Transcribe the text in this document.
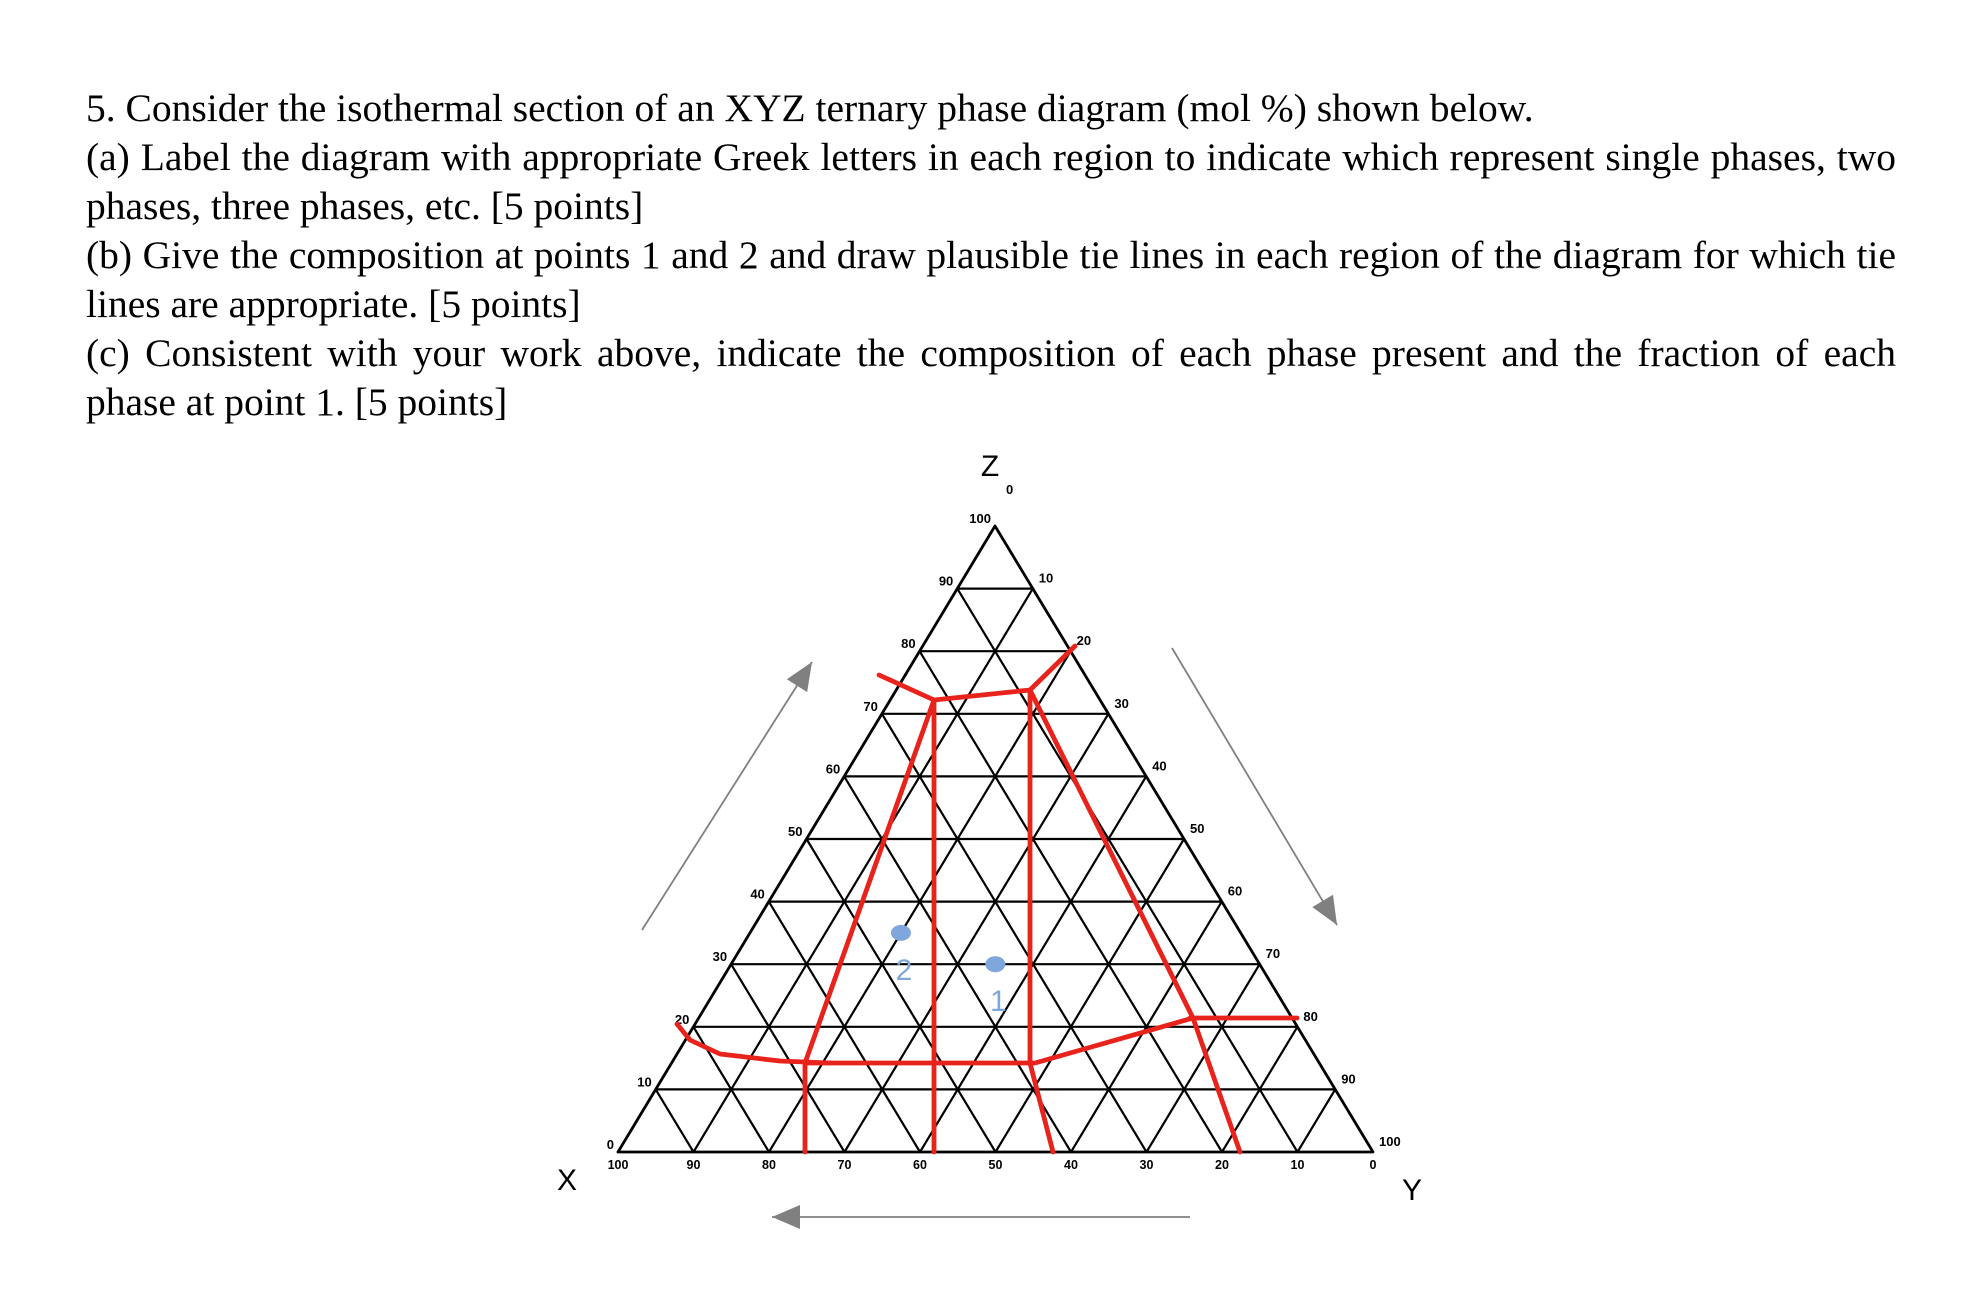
5. Consider the isothermal section of an XYZ ternary phase diagram (mol %) shown below.

(a) Label the diagram with appropriate Greek letters in each region to indicate which represent single phases, two phases, three phases, etc. [5 points]

(b) Give the composition at points 1 and 2 and draw plausible tie lines in each region of the diagram for which tie lines are appropriate. [5 points]

(c) Consistent with your work above, indicate the composition of each phase present and the fraction of each phase at point 1. [5 points]

0
10
20
30
40
50
60
70
80
90
100
10
20
30
40
50
60
70
80
90
100
100	90	80	70	60	50	40	30	20	10	0
0
1
2
X	Y
Z
